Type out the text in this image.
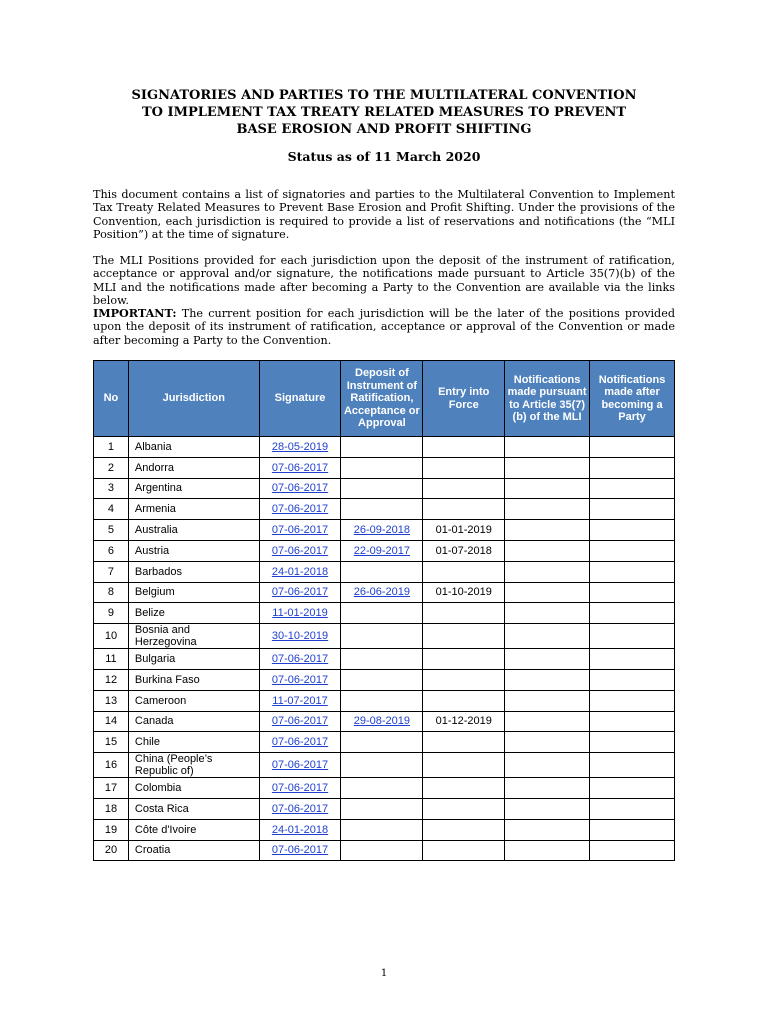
SIGNATORIES AND PARTIES TO THE MULTILATERAL CONVENTION
TO IMPLEMENT TAX TREATY RELATED MEASURES TO PREVENT
BASE EROSION AND PROFIT SHIFTING
Status as of 11 March 2020
This document contains a list of signatories and parties to the Multilateral Convention to Implement Tax Treaty Related Measures to Prevent Base Erosion and Profit Shifting. Under the provisions of the Convention, each jurisdiction is required to provide a list of reservations and notifications (the “MLI Position”) at the time of signature.
The MLI Positions provided for each jurisdiction upon the deposit of the instrument of ratification, acceptance or approval and/or signature, the notifications made pursuant to Article 35(7)(b) of the MLI and the notifications made after becoming a Party to the Convention are available via the links below.
IMPORTANT: The current position for each jurisdiction will be the later of the positions provided upon the deposit of its instrument of ratification, acceptance or approval of the Convention or made after becoming a Party to the Convention.
No	Jurisdiction	Signature	Deposit of Instrument of Ratification, Acceptance or Approval	Entry into Force	Notifications made pursuant to Article 35(7)(b) of the MLI	Notifications made after becoming a Party
1	Albania	28-05-2019				
2	Andorra	07-06-2017				
3	Argentina	07-06-2017				
4	Armenia	07-06-2017				
5	Australia	07-06-2017	26-09-2018	01-01-2019		
6	Austria	07-06-2017	22-09-2017	01-07-2018		
7	Barbados	24-01-2018				
8	Belgium	07-06-2017	26-06-2019	01-10-2019		
9	Belize	11-01-2019				
10	Bosnia and Herzegovina	30-10-2019				
11	Bulgaria	07-06-2017				
12	Burkina Faso	07-06-2017				
13	Cameroon	11-07-2017				
14	Canada	07-06-2017	29-08-2019	01-12-2019		
15	Chile	07-06-2017				
16	China (People’s Republic of)	07-06-2017				
17	Colombia	07-06-2017				
18	Costa Rica	07-06-2017				
19	Côte d'Ivoire	24-01-2018				
20	Croatia	07-06-2017				
1
